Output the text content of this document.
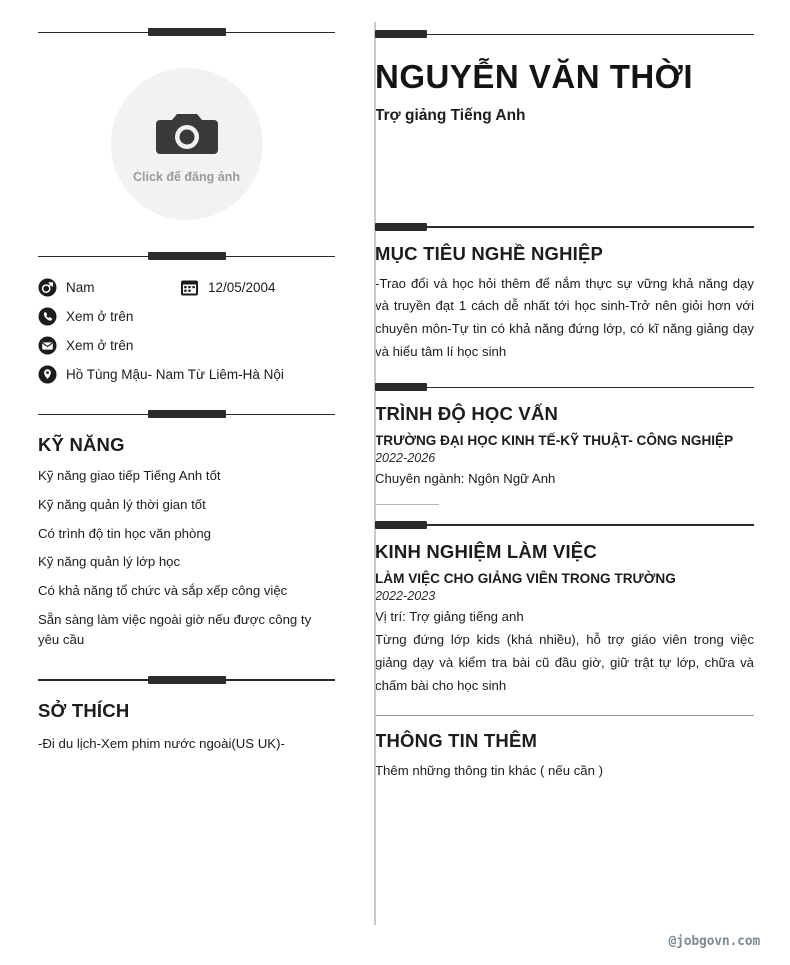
Click để đăng ảnh
Nam	12/05/2004
Xem ở trên
Xem ở trên
Hồ Tùng Mậu- Nam Từ Liêm-Hà Nội
KỸ NĂNG
Kỹ năng giao tiếp Tiếng Anh tốt
Kỹ năng quản lý thời gian tốt
Có trình độ tin học văn phòng
Kỹ năng quản lý lớp học
Có khả năng tổ chức và sắp xếp công việc
Sẵn sàng làm việc ngoài giờ nếu được công ty yêu cầu
SỞ THÍCH
-Đi du lịch-Xem phim nước ngoài(US UK)-
NGUYỄN VĂN THỜI
Trợ giảng Tiếng Anh
MỤC TIÊU NGHỀ NGHIỆP
-Trao đổi và học hỏi thêm để nắm thực sự vững khả năng dạy và truyền đạt 1 cách dễ nhất tới học sinh-Trở nên giỏi hơn với chuyên môn-Tự tin có khả năng đứng lớp, có kĩ năng giảng dạy và hiểu tâm lí học sinh
TRÌNH ĐỘ HỌC VẤN
TRƯỜNG ĐẠI HỌC KINH TẾ-KỸ THUẬT- CÔNG NGHIỆP
2022-2026
Chuyên ngành: Ngôn Ngữ Anh
KINH NGHIỆM LÀM VIỆC
LÀM VIỆC CHO GIẢNG VIÊN TRONG TRƯỜNG
2022-2023
Vị trí: Trợ giảng tiếng anh
Từng đứng lớp kids (khá nhiều), hỗ trợ giáo viên trong việc giảng dạy và kiểm tra bài cũ đầu giờ, giữ trật tự lớp, chữa và chấm bài cho học sinh
THÔNG TIN THÊM
Thêm những thông tin khác ( nếu cần )
@jobgovn.com
